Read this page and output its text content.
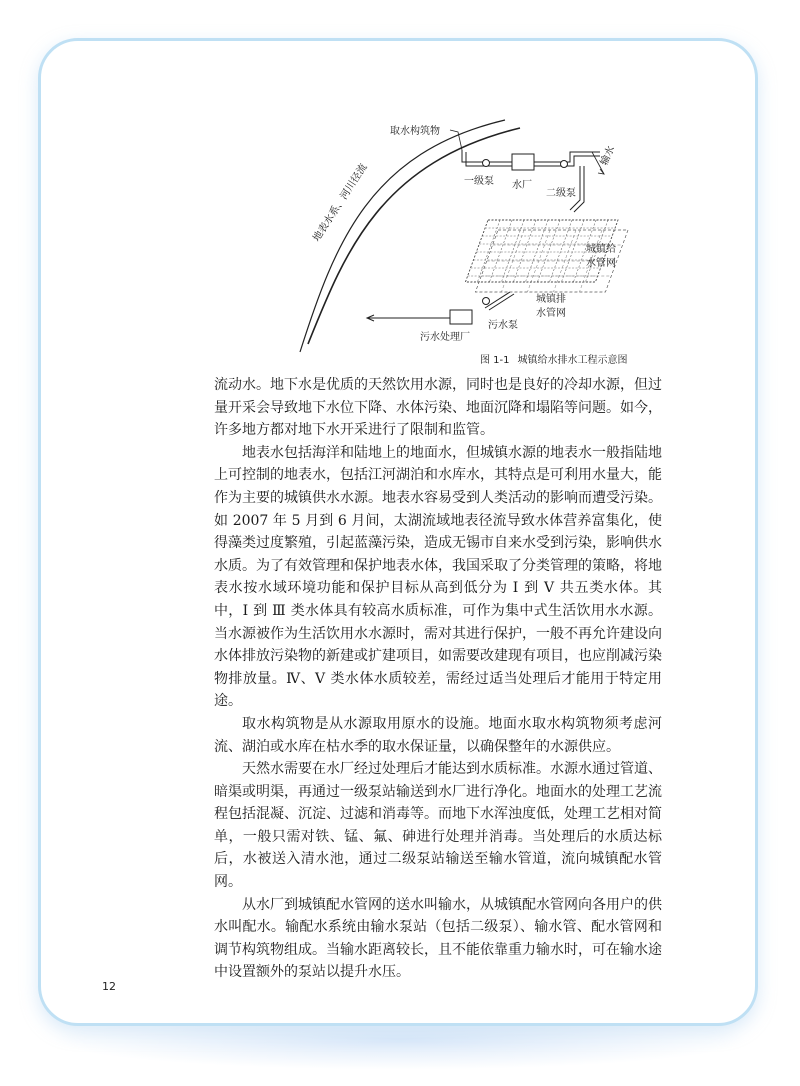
地表水系、河川径流
取水构筑物
一级泵 水厂
二级泵
输水
城镇给
水管网
污水泵
城镇排
水管网
污水处理厂
图 1-1 城镇给水排水工程示意图

流动水。地下水是优质的天然饮用水源，同时也是良好的冷却水源，但过量开采会导致地下水位下降、水体污染、地面沉降和塌陷等问题。如今，许多地方都对地下水开采进行了限制和监管。

地表水包括海洋和陆地上的地面水，但城镇水源的地表水一般指陆地上可控制的地表水，包括江河湖泊和水库水，其特点是可利用水量大，能作为主要的城镇供水水源。地表水容易受到人类活动的影响而遭受污染。如 2007 年 5 月到 6 月间，太湖流域地表径流导致水体营养富集化，使得藻类过度繁殖，引起蓝藻污染，造成无锡市自来水受到污染，影响供水水质。为了有效管理和保护地表水体，我国采取了分类管理的策略，将地表水按水域环境功能和保护目标从高到低分为 Ⅰ 到 Ⅴ 共五类水体。其中，Ⅰ 到 Ⅲ 类水体具有较高水质标准，可作为集中式生活饮用水水源。当水源被作为生活饮用水水源时，需对其进行保护，一般不再允许建设向水体排放污染物的新建或扩建项目，如需要改建现有项目，也应削减污染物排放量。Ⅳ、Ⅴ 类水体水质较差，需经过适当处理后才能用于特定用途。

取水构筑物是从水源取用原水的设施。地面水取水构筑物须考虑河流、湖泊或水库在枯水季的取水保证量，以确保整年的水源供应。

天然水需要在水厂经过处理后才能达到水质标准。水源水通过管道、暗渠或明渠，再通过一级泵站输送到水厂进行净化。地面水的处理工艺流程包括混凝、沉淀、过滤和消毒等。而地下水浑浊度低，处理工艺相对简单，一般只需对铁、锰、氟、砷进行处理并消毒。当处理后的水质达标后，水被送入清水池，通过二级泵站输送至输水管道，流向城镇配水管网。

从水厂到城镇配水管网的送水叫输水，从城镇配水管网向各用户的供水叫配水。输配水系统由输水泵站（包括二级泵）、输水管、配水管网和调节构筑物组成。当输水距离较长，且不能依靠重力输水时，可在输水途中设置额外的泵站以提升水压。

12
